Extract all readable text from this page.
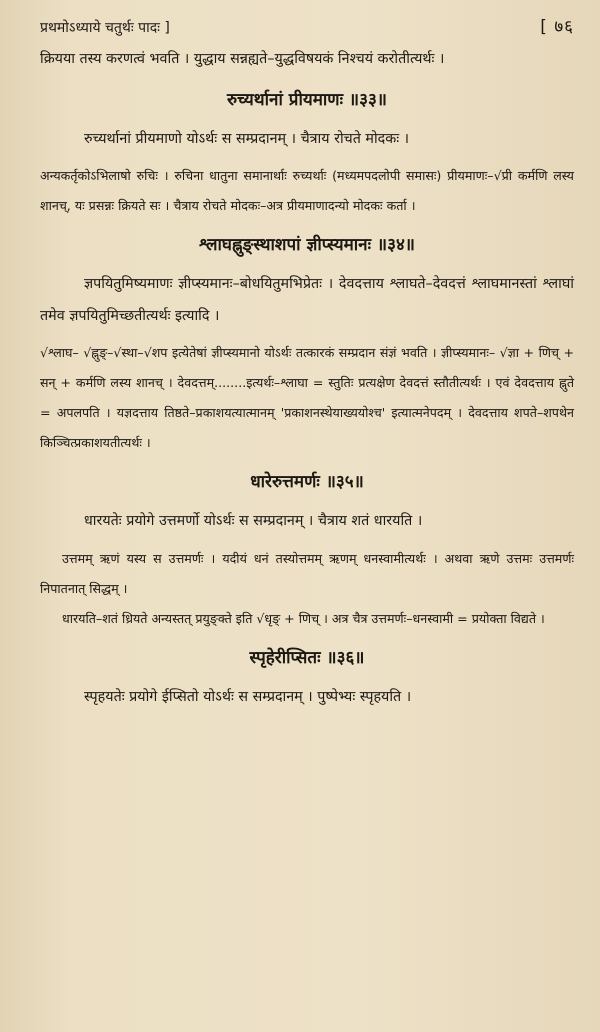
प्रथमोऽध्याये चतुर्थः पादः ]	[ ७६

क्रियया तस्य करणत्वं भवति । युद्धाय सन्नह्यते–युद्धविषयकं निश्चयं करोतीत्यर्थः ।

रुच्यर्थानां प्रीयमाणः ॥३३॥

रुच्यर्थानां प्रीयमाणो योऽर्थः स सम्प्रदानम् । चैत्राय रोचते मोदकः ।

अन्यकर्तृकोऽभिलाषो रुचिः । रुचिना धातुना समानार्थाः रुच्यर्थाः (मध्यमपदलोपी समासः) प्रीयमाणः–√प्री कर्मणि लस्य शानच्, यः प्रसन्नः क्रियते सः । चैत्राय रोचते मोदकः–अत्र प्रीयमाणादन्यो मोदकः कर्ता ।

श्लाघह्नुङ्स्थाशपां ज्ञीप्स्यमानः ॥३४॥

ज्ञपयितुमिष्यमाणः ज्ञीप्स्यमानः–बोधयितुमभिप्रेतः । देवदत्ताय श्लाघते–देवदत्तं श्लाघमानस्तां श्लाघां तमेव ज्ञपयितुमिच्छतीत्यर्थः इत्यादि ।

√श्लाघ– √ह्नुङ्–√स्था–√शप इत्येतेषां ज्ञीप्स्यमानो योऽर्थः तत्कारकं सम्प्रदान संज्ञं भवति । ज्ञीप्स्यमानः– √ज्ञा + णिच् + सन् + कर्मणि लस्य शानच् । देवदत्तम्........इत्यर्थः–श्लाघा = स्तुतिः प्रत्यक्षेण देवदत्तं स्तौतीत्यर्थः । एवं देवदत्ताय ह्नुते = अपलपति । यज्ञदत्ताय तिष्ठते–प्रकाशयत्यात्मानम् 'प्रकाशनस्थेयाख्ययोश्च' इत्यात्मनेपदम् । देवदत्ताय शपते–शपथेन किञ्चित्प्रकाशयतीत्यर्थः ।

धारेरुत्तमर्णः ॥३५॥

धारयतेः प्रयोगे उत्तमर्णो योऽर्थः स सम्प्रदानम् । चैत्राय शतं धारयति ।

उत्तमम् ऋणं यस्य स उत्तमर्णः । यदीयं धनं तस्योत्तमम् ऋणम् धनस्वामीत्यर्थः । अथवा ऋणे उत्तमः उत्तमर्णः निपातनात् सिद्धम् ।

धारयति–शतं ध्रियते अन्यस्तत् प्रयुङ्क्ते इति √धृङ् + णिच् । अत्र चैत्र उत्तमर्णः–धनस्वामी = प्रयोक्ता विद्यते ।

स्पृहेरीप्सितः ॥३६॥

स्पृहयतेः प्रयोगे ईप्सितो योऽर्थः स सम्प्रदानम् । पुष्पेभ्यः स्पृहयति ।
